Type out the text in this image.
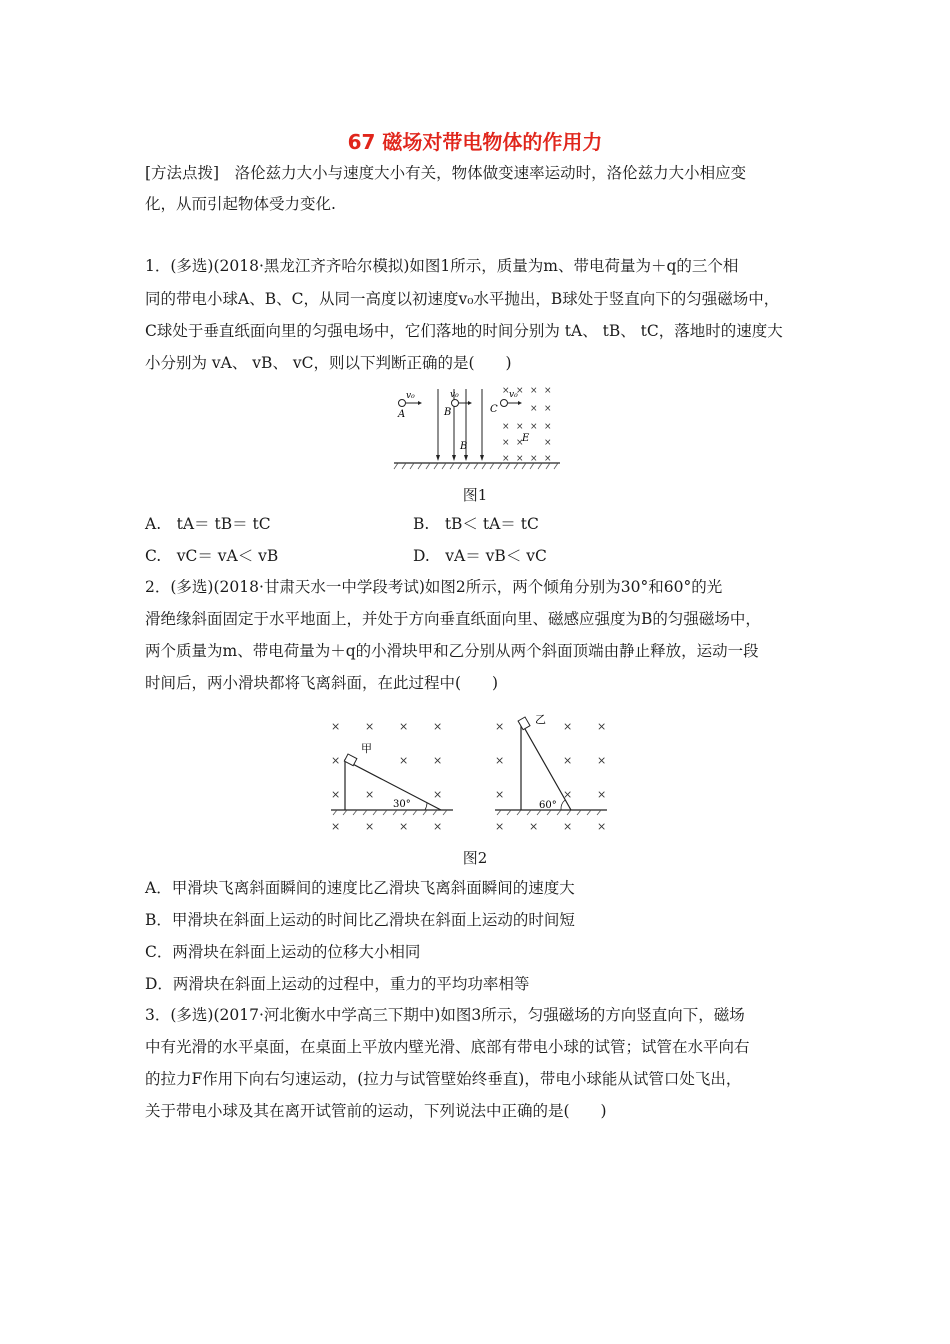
67 磁场对带电物体的作用力
[方法点拨]　洛伦兹力大小与速度大小有关，物体做变速率运动时，洛伦兹力大小相应变
化，从而引起物体受力变化.
1．(多选)(2018·黑龙江齐齐哈尔模拟)如图1所示，质量为m、带电荷量为＋q的三个相
同的带电小球A、B、C，从同一高度以初速度v₀水平抛出，B球处于竖直向下的匀强磁场中，
C球处于垂直纸面向里的匀强电场中，它们落地的时间分别为 tA、 tB、 tC，落地时的速度大
小分别为 vA、 vB、 vC，则以下判断正确的是(　　)
v₀
A
v₀
B
B
C
v₀
E
× × × ×
× ×
× × × ×
× × ×
× × × ×
图1
A.　tA＝ tB＝ tC	B.　tB＜ tA＝ tC
C.　vC＝ vA＜ vB	D.　vA＝ vB＜ vC
2．(多选)(2018·甘肃天水一中学段考试)如图2所示，两个倾角分别为30°和60°的光
滑绝缘斜面固定于水平地面上，并处于方向垂直纸面向里、磁感应强度为B的匀强磁场中，
两个质量为m、带电荷量为＋q的小滑块甲和乙分别从两个斜面顶端由静止释放，运动一段
时间后，两小滑块都将飞离斜面，在此过程中(　　)
× × × ×
×	× ×
× ×	×
× × × ×
甲
30°
×	× ×
×	× ×
×	× ×
× × × ×
乙
60°
图2
A．甲滑块飞离斜面瞬间的速度比乙滑块飞离斜面瞬间的速度大
B．甲滑块在斜面上运动的时间比乙滑块在斜面上运动的时间短
C．两滑块在斜面上运动的位移大小相同
D．两滑块在斜面上运动的过程中，重力的平均功率相等
3．(多选)(2017·河北衡水中学高三下期中)如图3所示，匀强磁场的方向竖直向下，磁场
中有光滑的水平桌面，在桌面上平放内壁光滑、底部有带电小球的试管；试管在水平向右
的拉力F作用下向右匀速运动，(拉力与试管壁始终垂直)，带电小球能从试管口处飞出，
关于带电小球及其在离开试管前的运动，下列说法中正确的是(　　)
